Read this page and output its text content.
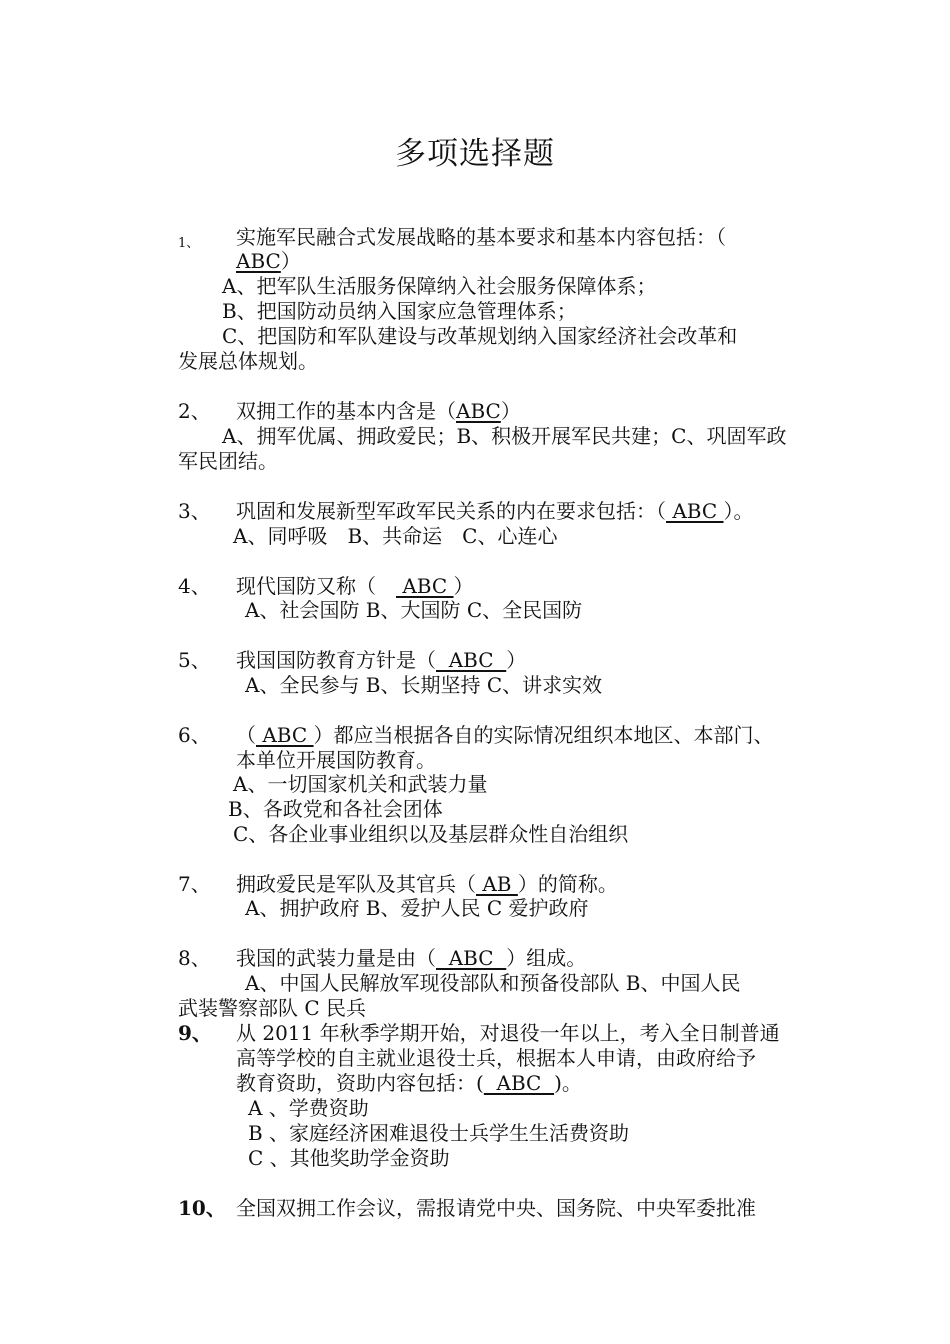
多项选择题
1、 实施军民融合式发展战略的基本要求和基本内容包括：（
ABC）
A、把军队生活服务保障纳入社会服务保障体系；
B、把国防动员纳入国家应急管理体系；
C、把国防和军队建设与改革规划纳入国家经济社会改革和
发展总体规划。
2、 双拥工作的基本内含是（ABC）
A、拥军优属、拥政爱民；B、积极开展军民共建；C、巩固军政
军民团结。
3、 巩固和发展新型军政军民关系的内在要求包括：（ ABC ）。
A、同呼吸　B、共命运　C、心连心
4、 现代国防又称（　 ABC ）
A、社会国防 B、大国防 C、全民国防
5、 我国国防教育方针是（  ABC  ）
A、全民参与 B、长期坚持 C、讲求实效
6、 （ ABC ）都应当根据各自的实际情况组织本地区、本部门、
本单位开展国防教育。
A、一切国家机关和武装力量
B、各政党和各社会团体
C、各企业事业组织以及基层群众性自治组织
7、 拥政爱民是军队及其官兵（ AB ）的简称。
A、拥护政府 B、爱护人民 C 爱护政府
8、 我国的武装力量是由（  ABC  ）组成。
A、中国人民解放军现役部队和预备役部队 B、中国人民
武装警察部队 C 民兵
9、 从 2011 年秋季学期开始，对退役一年以上，考入全日制普通
高等学校的自主就业退役士兵，根据本人申请，由政府给予
教育资助，资助内容包括：(  ABC  )。
A 、学费资助
B 、家庭经济困难退役士兵学生生活费资助
C 、其他奖助学金资助
10、 全国双拥工作会议，需报请党中央、国务院、中央军委批准
